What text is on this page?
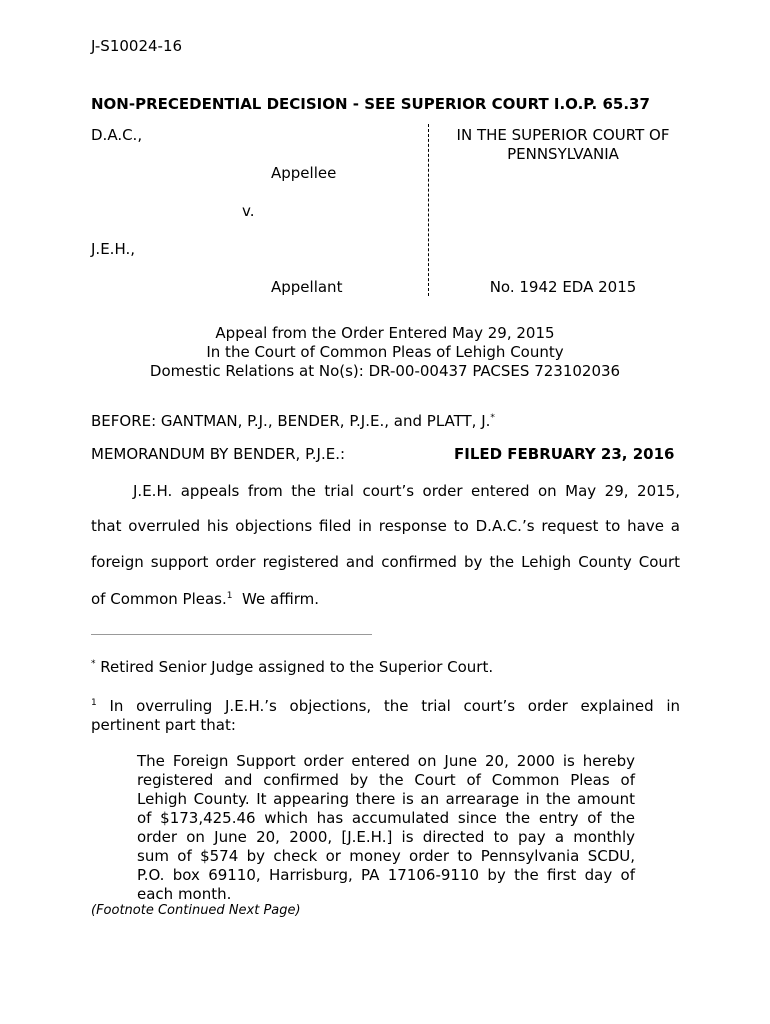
J-S10024-16
NON-PRECEDENTIAL DECISION - SEE SUPERIOR COURT I.O.P. 65.37
D.A.C.,
Appellee
v.
J.E.H.,
Appellant
IN THE SUPERIOR COURT OF
PENNSYLVANIA
No. 1942 EDA 2015
Appeal from the Order Entered May 29, 2015
In the Court of Common Pleas of Lehigh County
Domestic Relations at No(s): DR-00-00437 PACSES 723102036
BEFORE: GANTMAN, P.J., BENDER, P.J.E., and PLATT, J.*
MEMORANDUM BY BENDER, P.J.E.:	FILED FEBRUARY 23, 2016
J.E.H. appeals from the trial court’s order entered on May 29, 2015,
that overruled his objections filed in response to D.A.C.’s request to have a
foreign support order registered and confirmed by the Lehigh County Court
of Common Pleas.$^1$  We affirm.
* Retired Senior Judge assigned to the Superior Court.
$^1$ In overruling J.E.H.’s objections, the trial court’s order explained in
pertinent part that:
The Foreign Support order entered on June 20, 2000 is hereby
registered and confirmed by the Court of Common Pleas of
Lehigh County. It appearing there is an arrearage in the amount
of $173,425.46 which has accumulated since the entry of the
order on June 20, 2000, [J.E.H.] is directed to pay a monthly
sum of $574 by check or money order to Pennsylvania SCDU,
P.O. box 69110, Harrisburg, PA 17106-9110 by the first day of
each month.
(Footnote Continued Next Page)
